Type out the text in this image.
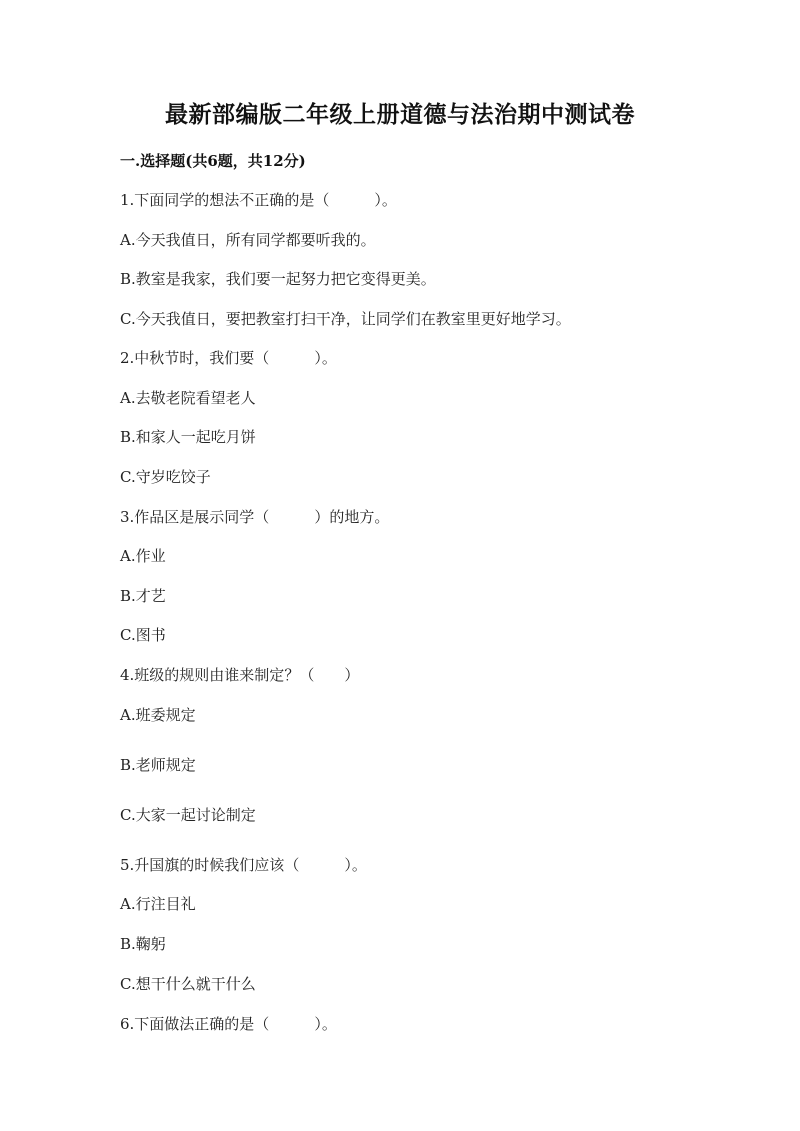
最新部编版二年级上册道德与法治期中测试卷
一.选择题(共6题，共12分)
1.下面同学的想法不正确的是（　　　）。
A.今天我值日，所有同学都要听我的。
B.教室是我家，我们要一起努力把它变得更美。
C.今天我值日，要把教室打扫干净，让同学们在教室里更好地学习。
2.中秋节时，我们要（　　　）。
A.去敬老院看望老人
B.和家人一起吃月饼
C.守岁吃饺子
3.作品区是展示同学（　　　）的地方。
A.作业
B.才艺
C.图书
4.班级的规则由谁来制定？（　　）
A.班委规定
B.老师规定
C.大家一起讨论制定
5.升国旗的时候我们应该（　　　）。
A.行注目礼
B.鞠躬
C.想干什么就干什么
6.下面做法正确的是（　　　）。
